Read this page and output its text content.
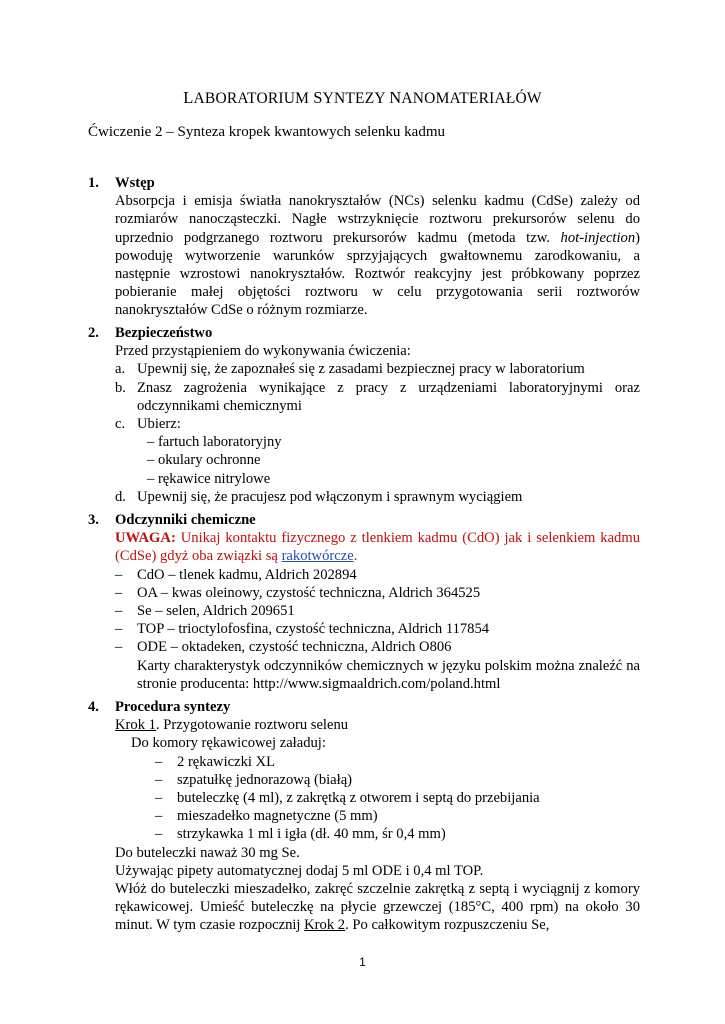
LABORATORIUM SYNTEZY NANOMATERIAŁÓW
Ćwiczenie 2 – Synteza kropek kwantowych selenku kadmu
1.	Wstęp
Absorpcja i emisja światła nanokryształów (NCs) selenku kadmu (CdSe) zależy od rozmiarów nanocząsteczki. Nagłe wstrzyknięcie roztworu prekursorów selenu do uprzednio podgrzanego roztworu prekursorów kadmu (metoda tzw. hot-injection) powoduję wytworzenie warunków sprzyjających gwałtownemu zarodkowaniu, a następnie wzrostowi nanokryształów. Roztwór reakcyjny jest próbkowany poprzez pobieranie małej objętości roztworu w celu przygotowania serii roztworów nanokryształów CdSe o różnym rozmiarze.
2.	Bezpieczeństwo
Przed przystąpieniem do wykonywania ćwiczenia:
a. Upewnij się, że zapoznałeś się z zasadami bezpiecznej pracy w laboratorium
b. Znasz zagrożenia wynikające z pracy z urządzeniami laboratoryjnymi oraz odczynnikami chemicznymi
c. Ubierz:
– fartuch laboratoryjny
– okulary ochronne
– rękawice nitrylowe
d. Upewnij się, że pracujesz pod włączonym i sprawnym wyciągiem
3.	Odczynniki chemiczne
UWAGA: Unikaj kontaktu fizycznego z tlenkiem kadmu (CdO) jak i selenkiem kadmu (CdSe) gdyż oba związki są rakotwórcze.
–	CdO – tlenek kadmu, Aldrich 202894
–	OA – kwas oleinowy, czystość techniczna, Aldrich 364525
–	Se – selen, Aldrich 209651
–	TOP – trioctylofosfina, czystość techniczna, Aldrich 117854
–	ODE – oktadeken, czystość techniczna, Aldrich O806
Karty charakterystyk odczynników chemicznych w języku polskim można znaleźć na stronie producenta: http://www.sigmaaldrich.com/poland.html
4.	Procedura syntezy
Krok 1. Przygotowanie roztworu selenu
Do komory rękawicowej załaduj:
–	2 rękawiczki XL
–	szpatułkę jednorazową (białą)
–	buteleczkę (4 ml), z zakrętką z otworem i septą do przebijania
–	mieszadełko magnetyczne (5 mm)
–	strzykawka 1 ml i igła (dł. 40 mm, śr 0,4 mm)
Do buteleczki naważ 30 mg Se.
Używając pipety automatycznej dodaj 5 ml ODE i 0,4 ml TOP.
Włóż do buteleczki mieszadełko, zakręć szczelnie zakrętką z septą i wyciągnij z komory rękawicowej. Umieść buteleczkę na płycie grzewczej (185°C, 400 rpm) na około 30 minut. W tym czasie rozpocznij Krok 2. Po całkowitym rozpuszczeniu Se,
1
